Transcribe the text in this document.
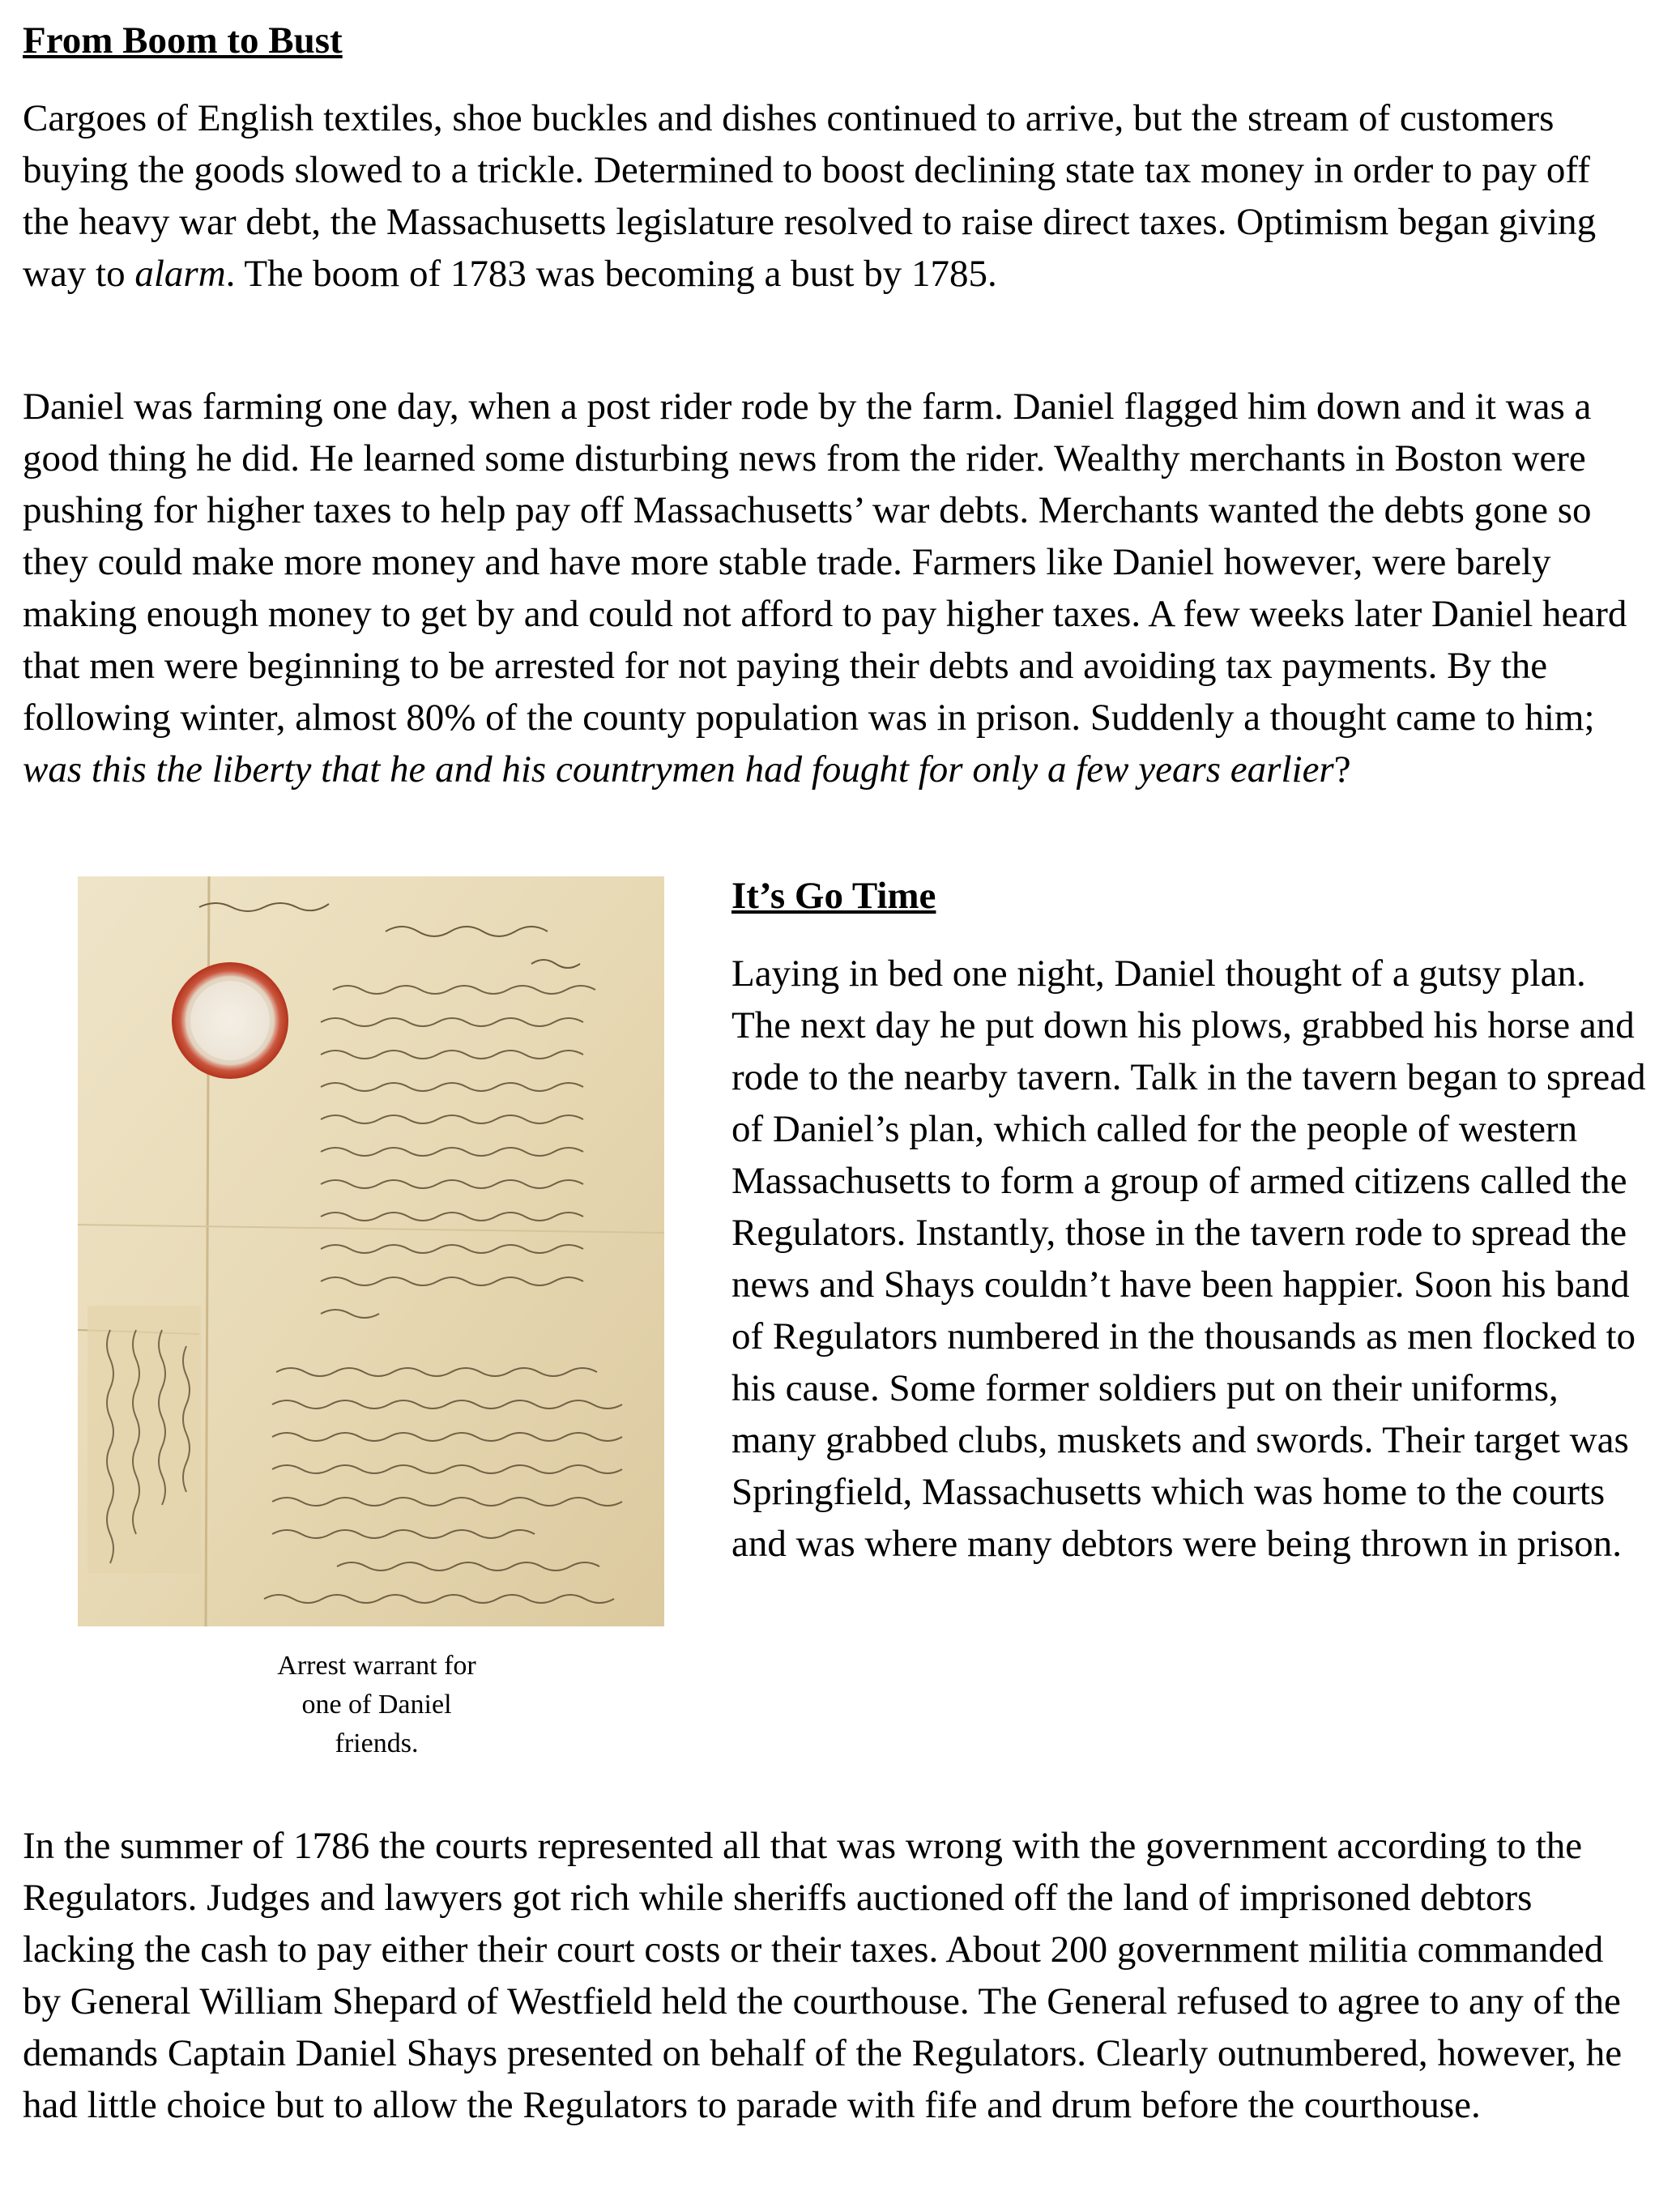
From Boom to Bust

Cargoes of English textiles, shoe buckles and dishes continued to arrive, but the stream of customers buying the goods slowed to a trickle. Determined to boost declining state tax money in order to pay off the heavy war debt, the Massachusetts legislature resolved to raise direct taxes. Optimism began giving way to alarm. The boom of 1783 was becoming a bust by 1785.

Daniel was farming one day, when a post rider rode by the farm. Daniel flagged him down and it was a good thing he did. He learned some disturbing news from the rider. Wealthy merchants in Boston were pushing for higher taxes to help pay off Massachusetts’ war debts. Merchants wanted the debts gone so they could make more money and have more stable trade. Farmers like Daniel however, were barely making enough money to get by and could not afford to pay higher taxes. A few weeks later Daniel heard that men were beginning to be arrested for not paying their debts and avoiding tax payments. By the following winter, almost 80% of the county population was in prison. Suddenly a thought came to him; was this the liberty that he and his countrymen had fought for only a few years earlier?

Arrest warrant for
one of Daniel
friends.
It’s Go Time

Laying in bed one night, Daniel thought of a gutsy plan. The next day he put down his plows, grabbed his horse and rode to the nearby tavern. Talk in the tavern began to spread of Daniel’s plan, which called for the people of western Massachusetts to form a group of armed citizens called the Regulators. Instantly, those in the tavern rode to spread the news and Shays couldn’t have been happier. Soon his band of Regulators numbered in the thousands as men flocked to his cause. Some former soldiers put on their uniforms, many grabbed clubs, muskets and swords. Their target was Springfield, Massachusetts which was home to the courts and was where many debtors were being thrown in prison.

In the summer of 1786 the courts represented all that was wrong with the government according to the Regulators. Judges and lawyers got rich while sheriffs auctioned off the land of imprisoned debtors lacking the cash to pay either their court costs or their taxes. About 200 government militia commanded by General William Shepard of Westfield held the courthouse. The General refused to agree to any of the demands Captain Daniel Shays presented on behalf of the Regulators. Clearly outnumbered, however, he had little choice but to allow the Regulators to parade with fife and drum before the courthouse.
